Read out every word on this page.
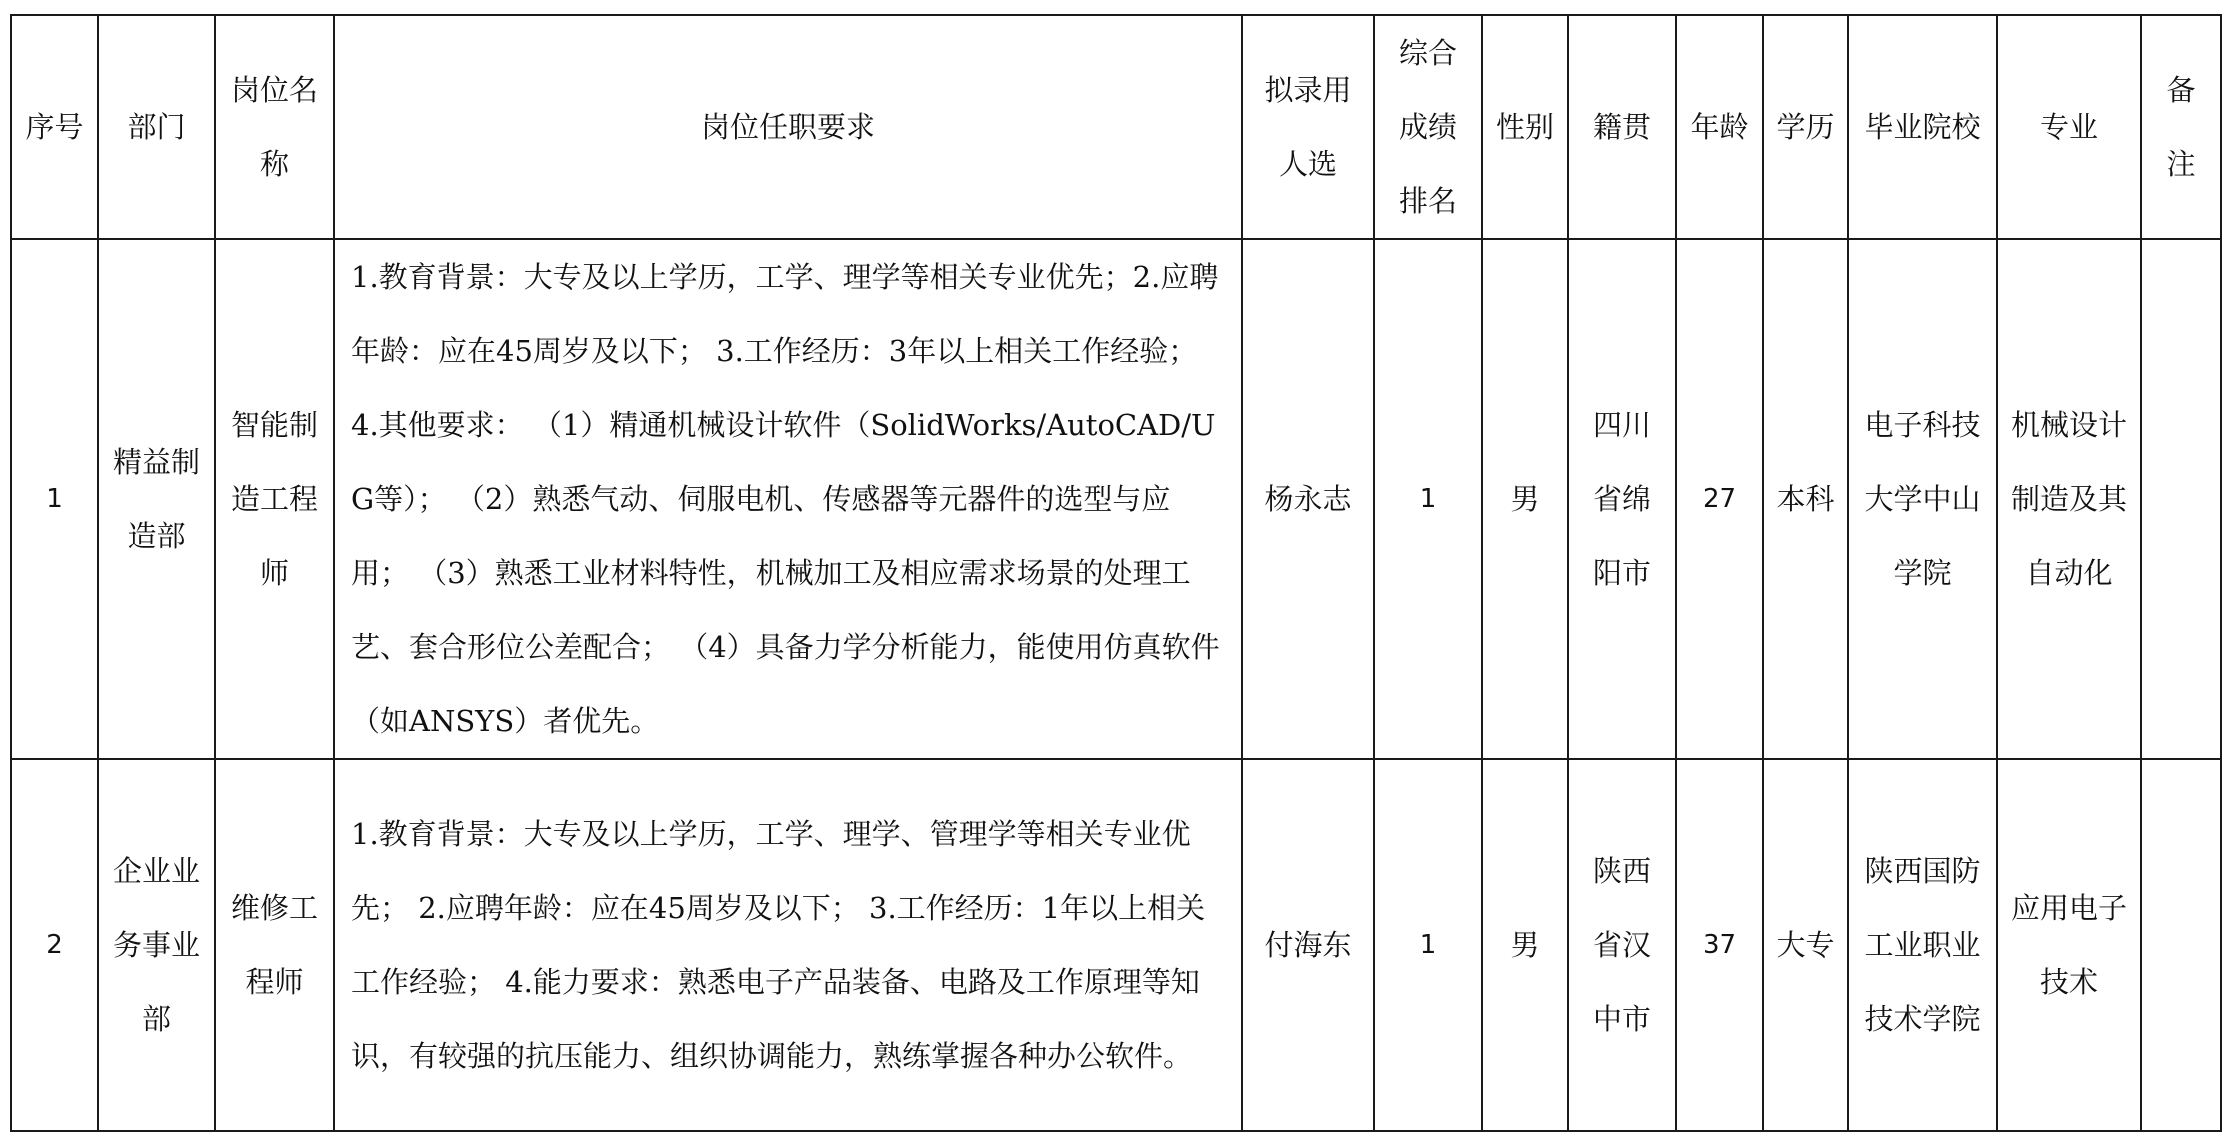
序号	部门	岗位名称	岗位任职要求	拟录用人选	综合成绩排名	性别	籍贯	年龄	学历	毕业院校	专业	备注
1	精益制造部	智能制造工程师	1.教育背景：大专及以上学历，工学、理学等相关专业优先；2.应聘年龄：应在45周岁及以下； 3.工作经历：3年以上相关工作经验； 4.其他要求： （1）精通机械设计软件（SolidWorks/AutoCAD/UG等）； （2）熟悉气动、伺服电机、传感器等元器件的选型与应用； （3）熟悉工业材料特性，机械加工及相应需求场景的处理工艺、套合形位公差配合； （4）具备力学分析能力，能使用仿真软件（如ANSYS）者优先。	杨永志	1	男	四川省绵阳市	27	本科	电子科技大学中山学院	机械设计制造及其自动化	
2	企业业务事业部	维修工程师	1.教育背景：大专及以上学历，工学、理学、管理学等相关专业优先； 2.应聘年龄：应在45周岁及以下； 3.工作经历：1年以上相关工作经验； 4.能力要求：熟悉电子产品装备、电路及工作原理等知识，有较强的抗压能力、组织协调能力，熟练掌握各种办公软件。	付海东	1	男	陕西省汉中市	37	大专	陕西国防工业职业技术学院	应用电子技术	
